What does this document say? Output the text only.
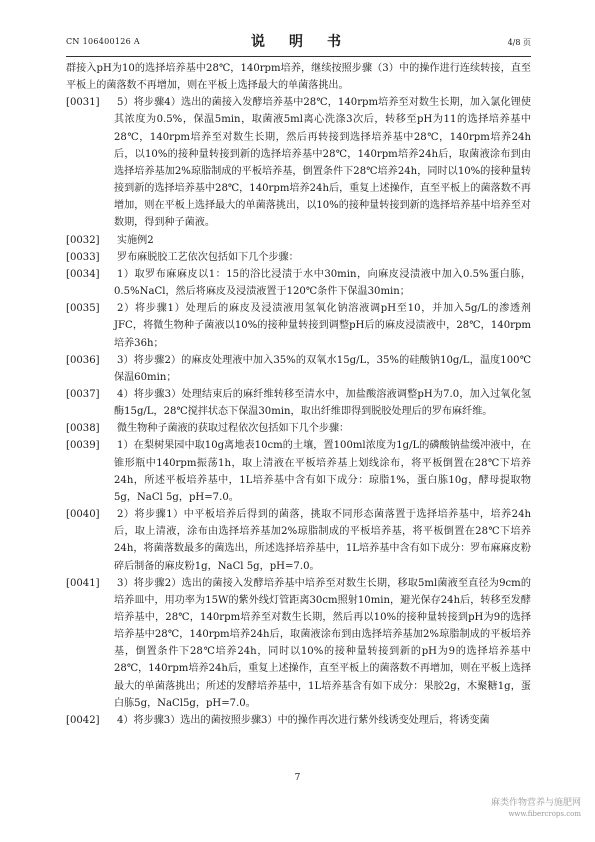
CN 106400126 A	说　明　书	4/8 页

群接入pH为10的选择培养基中28℃，140rpm培养，继续按照步骤（3）中的操作进行连续转接，直至平板上的菌落数不再增加，则在平板上选择最大的单菌落挑出。

[0031]	5）将步骤4）选出的菌接入发酵培养基中28℃，140rpm培养至对数生长期，加入氯化锂使其浓度为0.5%，保温5min，取菌液5ml离心洗涤3次后，转移至pH为11的选择培养基中28℃，140rpm培养至对数生长期，然后再转接到选择培养基中28℃，140rpm培养24h后，以10%的接种量转接到新的选择培养基中28℃，140rpm培养24h后，取菌液涂布到由选择培养基加2%琼脂制成的平板培养基，倒置条件下28℃培养24h，同时以10%的接种量转接到新的选择培养基中28℃，140rpm培养24h后，重复上述操作，直至平板上的菌落数不再增加，则在平板上选择最大的单菌落挑出，以10%的接种量转接到新的选择培养基中培养至对数期，得到种子菌液。
[0032]	实施例2
[0033]	罗布麻脱胶工艺依次包括如下几个步骤：
[0034]	1）取罗布麻麻皮以1：15的浴比浸渍于水中30min，向麻皮浸渍液中加入0.5%蛋白胨，0.5%NaCl，然后将麻皮及浸渍液置于120℃条件下保温30min；
[0035]	2）将步骤1）处理后的麻皮及浸渍液用氢氧化钠溶液调pH至10，并加入5g/L的渗透剂JFC，将微生物种子菌液以10%的接种量转接到调整pH后的麻皮浸渍液中，28℃，140rpm培养36h；
[0036]	3）将步骤2）的麻皮处理液中加入35%的双氧水15g/L，35%的硅酸钠10g/L，温度100℃保温60min；
[0037]	4）将步骤3）处理结束后的麻纤维转移至清水中，加盐酸溶液调整pH为7.0，加入过氧化氢酶15g/L，28℃搅拌状态下保温30min，取出纤维即得到脱胶处理后的罗布麻纤维。
[0038]	微生物种子菌液的获取过程依次包括如下几个步骤：
[0039]	1）在梨树果园中取10g离地表10cm的土壤，置100ml浓度为1g/L的磷酸钠盐缓冲液中，在锥形瓶中140rpm振荡1h，取上清液在平板培养基上划线涂布，将平板倒置在28℃下培养24h，所述平板培养基中，1L培养基中含有如下成分：琼脂1%，蛋白胨10g，酵母提取物5g，NaCl 5g，pH=7.0。
[0040]	2）将步骤1）中平板培养后得到的菌落，挑取不同形态菌落置于选择培养基中，培养24h后，取上清液，涂布由选择培养基加2%琼脂制成的平板培养基，将平板倒置在28℃下培养24h，将菌落数最多的菌选出，所述选择培养基中，1L培养基中含有如下成分：罗布麻麻皮粉碎后制备的麻皮粉1g，NaCl 5g，pH=7.0。
[0041]	3）将步骤2）选出的菌接入发酵培养基中培养至对数生长期，移取5ml菌液至直径为9cm的培养皿中，用功率为15W的紫外线灯管距离30cm照射10min，避光保存24h后，转移至发酵培养基中，28℃，140rpm培养至对数生长期，然后再以10%的接种量转接到pH为9的选择培养基中28℃，140rpm培养24h后，取菌液涂布到由选择培养基加2%琼脂制成的平板培养基，倒置条件下28℃培养24h，同时以10%的接种量转接到新的pH为9的选择培养基中28℃，140rpm培养24h后，重复上述操作，直至平板上的菌落数不再增加，则在平板上选择最大的单菌落挑出；所述的发酵培养基中，1L培养基含有如下成分：果胶2g，木聚糖1g，蛋白胨5g，NaCl5g，pH=7.0。
[0042]	4）将步骤3）选出的菌按照步骤3）中的操作再次进行紫外线诱变处理后，将诱变菌
7
麻类作物营养与施肥网
www.fibercrops.com
